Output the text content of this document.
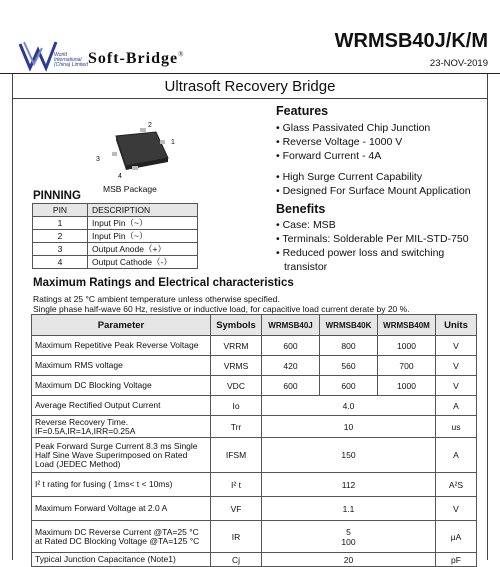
World International (China) Limited Soft-Bridge®
WRMSB40J/K/M
23-NOV-2019
Ultrasoft Recovery Bridge
2
1
3
4
MSB Package
Features
• Glass Passivated Chip Junction
• Reverse Voltage - 1000 V
• Forward Current - 4A
• High Surge Current Capability
• Designed For Surface Mount Application
Benefits
• Case: MSB
• Terminals: Solderable Per MIL-STD-750
• Reduced power loss and switching
transistor
PINNING
PIN	DESCRIPTION
1	Input Pin（~）
2	Input Pin（~）
3	Output Anode（+）
4	Output Cathode（-）
Maximum Ratings and Electrical characteristics
Ratings at 25 °C ambient temperature unless otherwise specified.
Single phase half-wave 60 Hz, resistive or inductive load, for capacitive load current derate by 20 %.
Parameter	Symbols	WRMSB40J	WRMSB40K	WRMSB40M	Units
Maximum Repetitive Peak Reverse Voltage	VRRM	600	800	1000	V
Maximum RMS voltage	VRMS	420	560	700	V
Maximum DC Blocking Voltage	VDC	600	600	1000	V
Average Rectified Output Current	Io	4.0			A
Reverse Recovery Time.
IF=0.5A,IR=1A,IRR=0.25A	Trr	10			us
Peak Forward Surge Current 8.3 ms Single
Half Sine Wave Superimposed on Rated
Load (JEDEC Method)	IFSM	150			A
I² t rating for fusing ( 1ms< t < 10ms)	I² t	112			A²S
Maximum Forward Voltage at 2.0 A	VF	1.1			V
Maximum DC Reverse Current @TA=25 °C
at Rated DC Blocking Voltage @TA=125 °C	IR	5
100			μA
Typical Junction Capacitance (Note1)	Cj	20			pF
